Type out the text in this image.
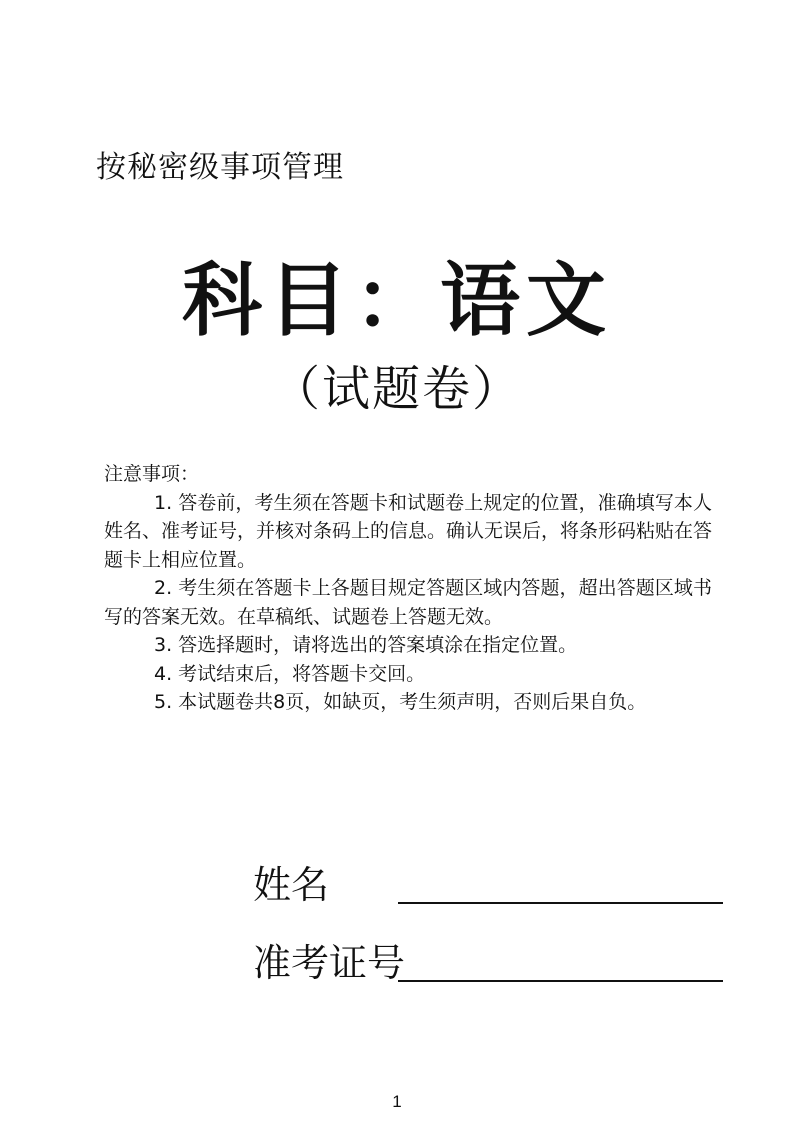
按秘密级事项管理
科目：语文
（试题卷）

注意事项：

1. 答卷前，考生须在答题卡和试题卷上规定的位置，准确填写本人姓名、准考证号，并核对条码上的信息。确认无误后，将条形码粘贴在答题卡上相应位置。

2. 考生须在答题卡上各题目规定答题区域内答题，超出答题区域书写的答案无效。在草稿纸、试题卷上答题无效。

3. 答选择题时，请将选出的答案填涂在指定位置。

4. 考试结束后，将答题卡交回。

5. 本试题卷共8页，如缺页，考生须声明，否则后果自负。

姓名
准考证号
1
